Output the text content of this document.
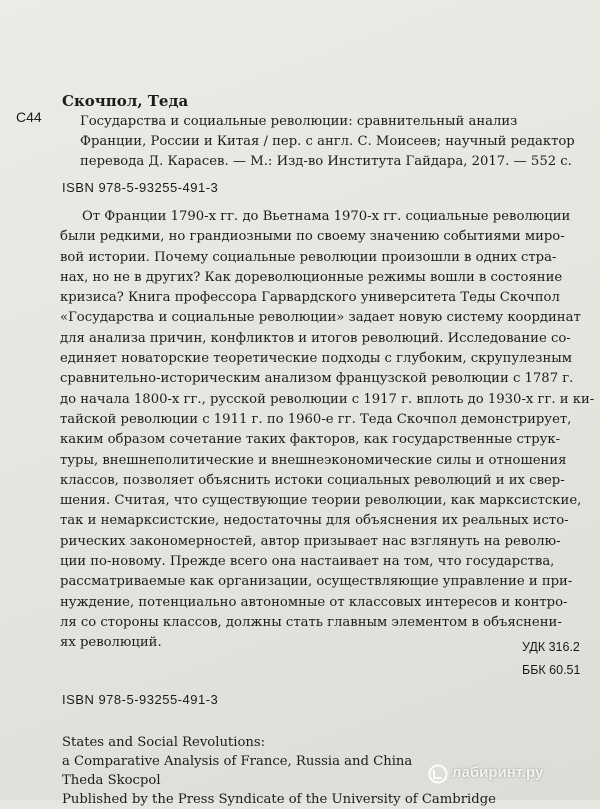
С44
Скочпол, Теда
Государства и социальные революции: сравнительный анализ
Франции, России и Китая / пер. с англ. С. Моисеев; научный редактор
перевода Д. Карасев. — М.: Изд-во Института Гайдара, 2017. — 552 с.
ISBN 978-5-93255-491-3
От Франции 1790-х гг. до Вьетнама 1970-х гг. социальные революции
были редкими, но грандиозными по своему значению событиями миро-
вой истории. Почему социальные революции произошли в одних стра-
нах, но не в других? Как дореволюционные режимы вошли в состояние
кризиса? Книга профессора Гарвардского университета Теды Скочпол
«Государства и социальные революции» задает новую систему координат
для анализа причин, конфликтов и итогов революций. Исследование со-
единяет новаторские теоретические подходы с глубоким, скрупулезным
сравнительно-историческим анализом французской революции с 1787 г.
до начала 1800-х гг., русской революции с 1917 г. вплоть до 1930-х гг. и ки-
тайской революции с 1911 г. по 1960-е гг. Теда Скочпол демонстрирует,
каким образом сочетание таких факторов, как государственные струк-
туры, внешнеполитические и внешнеэкономические силы и отношения
классов, позволяет объяснить истоки социальных революций и их свер-
шения. Считая, что существующие теории революции, как марксистские,
так и немарксистские, недостаточны для объяснения их реальных исто-
рических закономерностей, автор призывает нас взглянуть на револю-
ции по-новому. Прежде всего она настаивает на том, что государства,
рассматриваемые как организации, осуществляющие управление и при-
нуждение, потенциально автономные от классовых интересов и контро-
ля со стороны классов, должны стать главным элементом в объяснени-
ях революций.	УДК 316.2
ББК 60.51
ISBN 978-5-93255-491-3
States and Social Revolutions:
a Comparative Analysis of France, Russia and China
Theda Skocpol
Published by the Press Syndicate of the University of Cambridge
лабиринт.ру
